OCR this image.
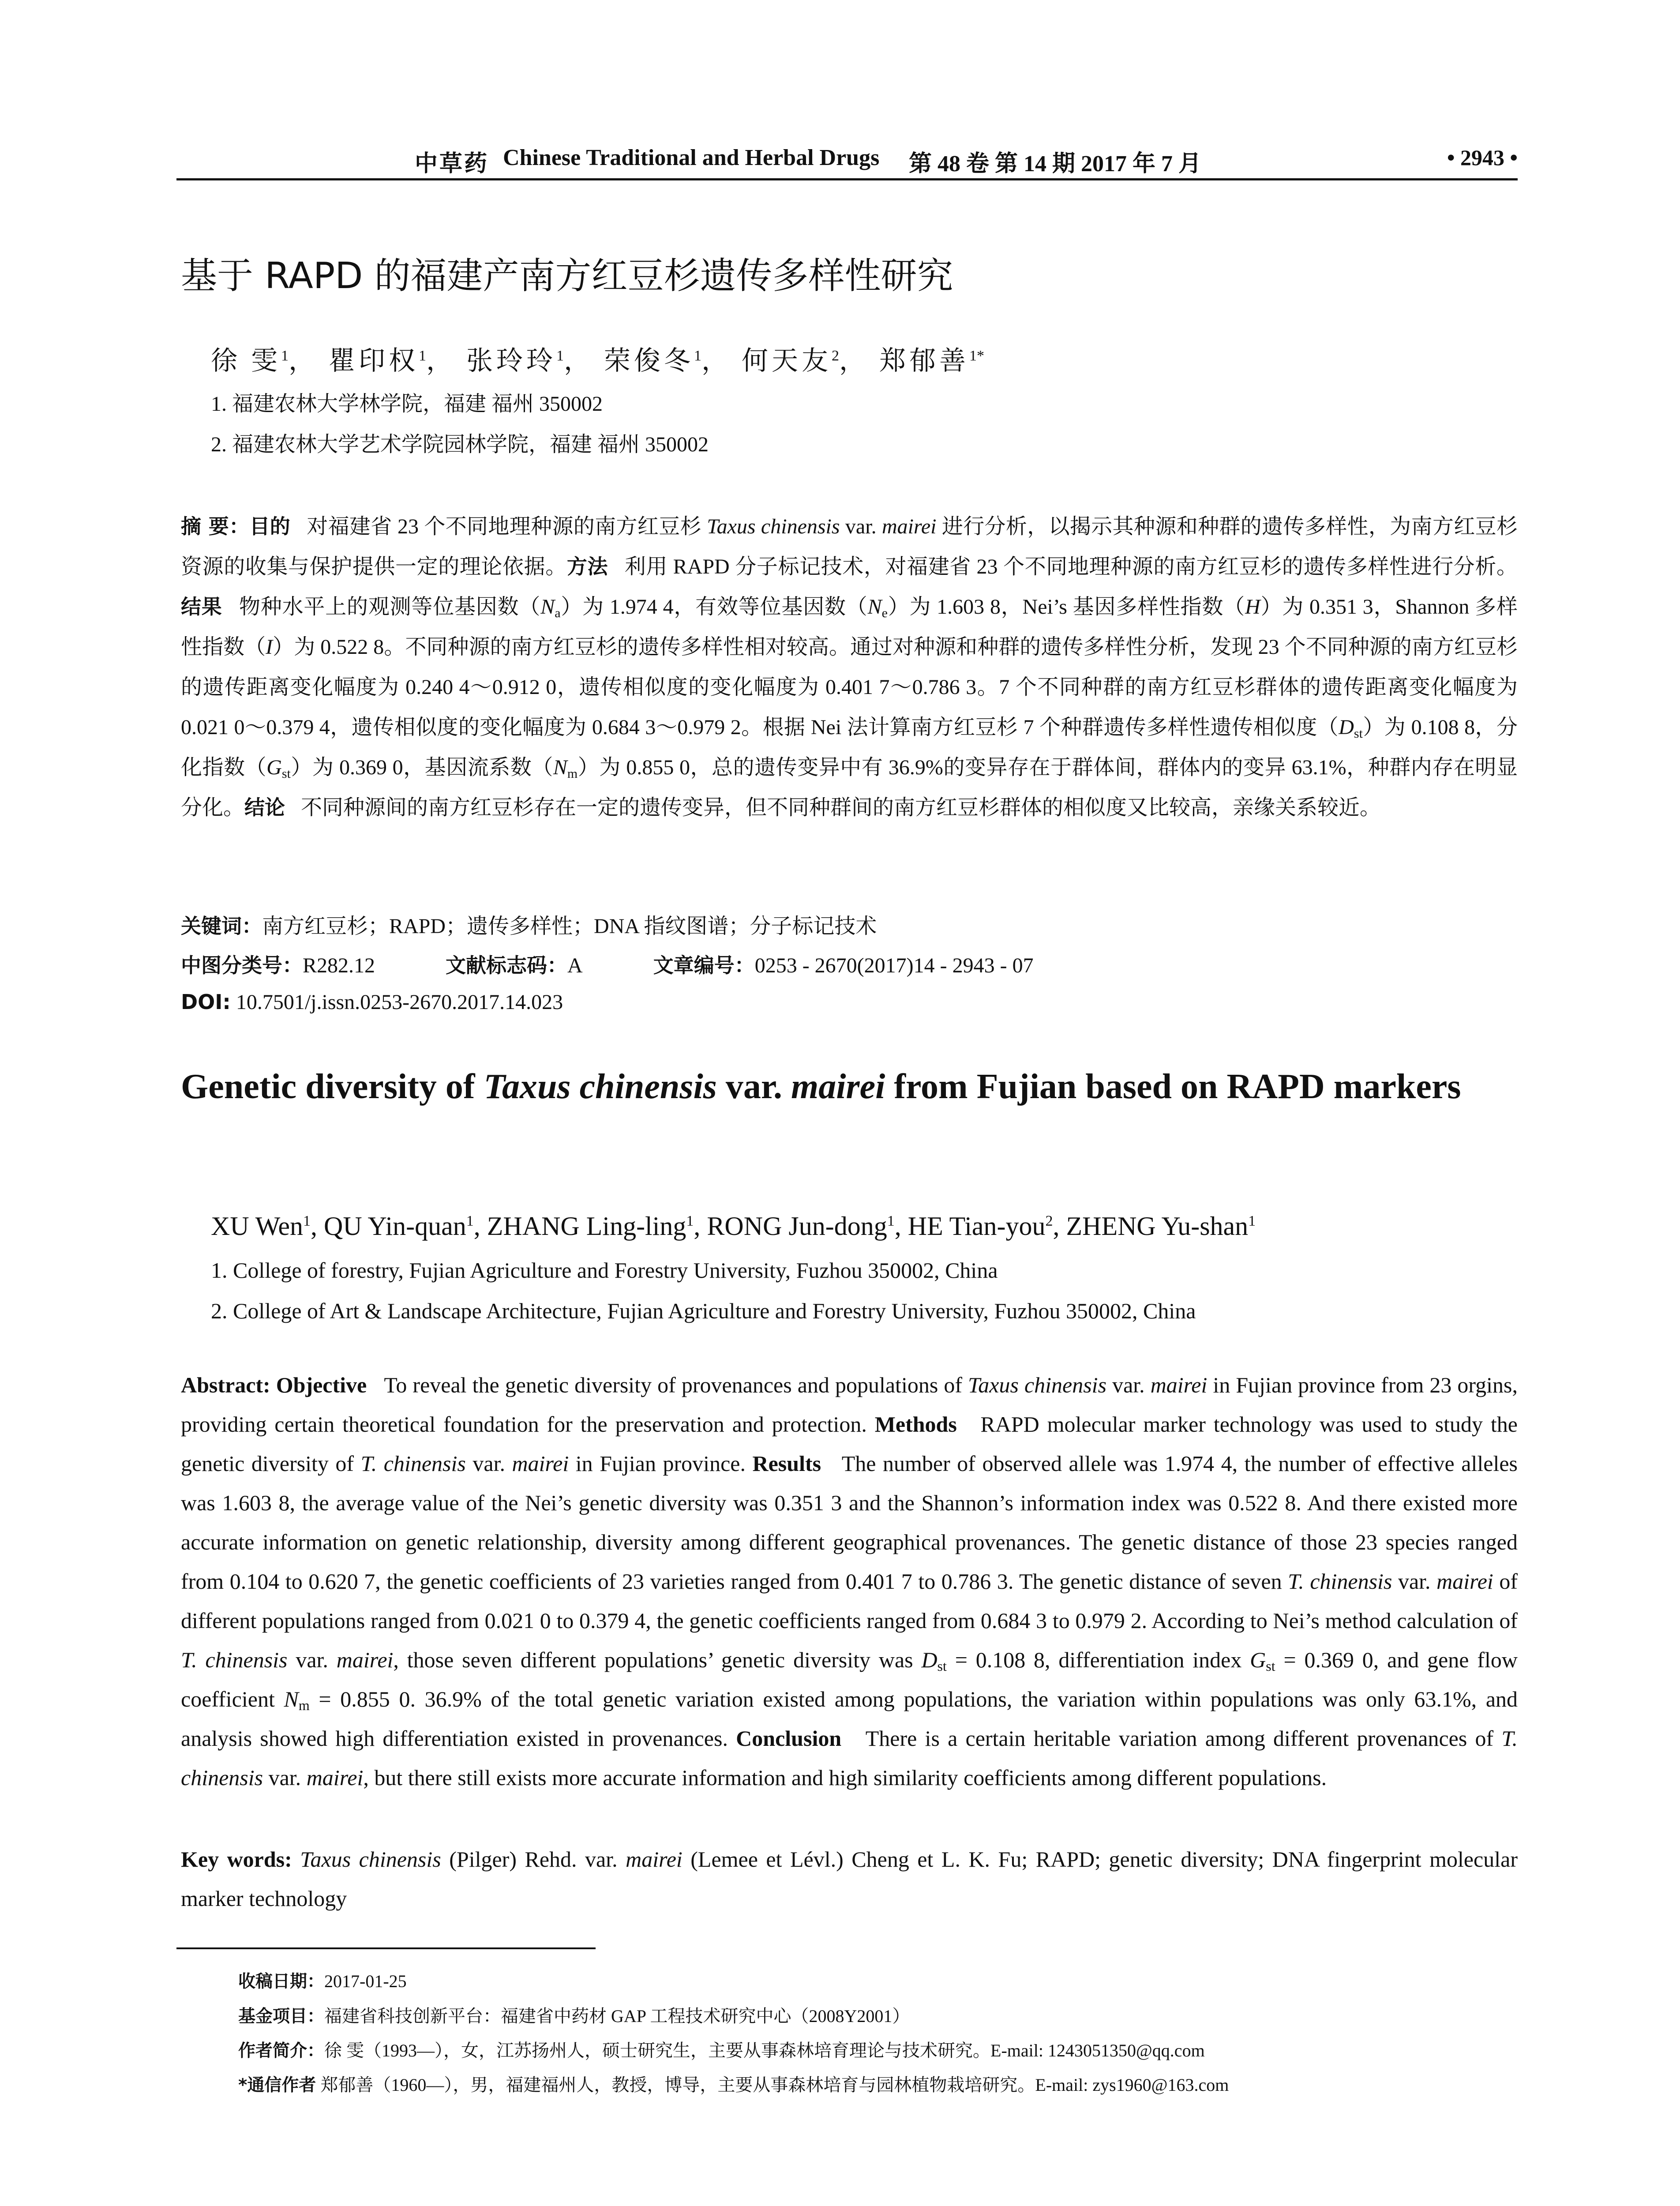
中草药 Chinese Traditional and Herbal Drugs 第 48 卷 第 14 期 2017 年 7 月	• 2943 •
基于 RAPD 的福建产南方红豆杉遗传多样性研究
徐 雯$^1$， 瞿印权$^1$， 张玲玲$^1$， 荣俊冬$^1$， 何天友$^2$， 郑郁善$^{1*}$
1. 福建农林大学林学院，福建 福州 350002
2. 福建农林大学艺术学院园林学院，福建 福州 350002
摘 要：目的 对福建省 23 个不同地理种源的南方红豆杉 Taxus chinensis var. mairei 进行分析，以揭示其种源和种群的遗传多样性，为南方红豆杉资源的收集与保护提供一定的理论依据。方法 利用 RAPD 分子标记技术，对福建省 23 个不同地理种源的南方红豆杉的遗传多样性进行分析。结果 物种水平上的观测等位基因数$(N_a)$为 1.974 4，有效等位基因数$(N_e)$为 1.603 8，Nei’s 基因多样性指数（H）为 0.351 3，Shannon 多样性指数（I）为 0.522 8。不同种源的南方红豆杉的遗传多样性相对较高。通过对种源和种群的遗传多样性分析，发现 23 个不同种源的南方红豆杉的遗传距离变化幅度为 0.240 4～0.912 0，遗传相似度的变化幅度为 0.401 7～0.786 3。7 个不同种群的南方红豆杉群体的遗传距离变化幅度为 0.021 0～0.379 4，遗传相似度的变化幅度为 0.684 3～0.979 2。根据 Nei 法计算南方红豆杉 7 个种群遗传多样性遗传相似度$(D_{st})$为 0.108 8，分化指数$(G_{st})$为 0.369 0，基因流系数$(N_m)$为 0.855 0，总的遗传变异中有 36.9%的变异存在于群体间，群体内的变异 63.1%，种群内存在明显分化。结论 不同种源间的南方红豆杉存在一定的遗传变异，但不同种群间的南方红豆杉群体的相似度又比较高，亲缘关系较近。
关键词：南方红豆杉；RAPD；遗传多样性；DNA 指纹图谱；分子标记技术
中图分类号：R282.12	文献标志码：A	文章编号：0253 - 2670(2017)14 - 2943 - 07
DOI: 10.7501/j.issn.0253-2670.2017.14.023
Genetic diversity of Taxus chinensis var. mairei from Fujian based on RAPD markers
XU Wen$^1$, QU Yin-quan$^1$, ZHANG Ling-ling$^1$, RONG Jun-dong$^1$, HE Tian-you$^2$, ZHENG Yu-shan$^1$
1. College of forestry, Fujian Agriculture and Forestry University, Fuzhou 350002, China
2. College of Art & Landscape Architecture, Fujian Agriculture and Forestry University, Fuzhou 350002, China
Abstract: Objective To reveal the genetic diversity of provenances and populations of Taxus chinensis var. mairei in Fujian province from 23 orgins, providing certain theoretical foundation for the preservation and protection. Methods RAPD molecular marker technology was used to study the genetic diversity of T. chinensis var. mairei in Fujian province. Results The number of observed allele was 1.974 4, the number of effective alleles was 1.603 8, the average value of the Nei’s genetic diversity was 0.351 3 and the Shannon’s information index was 0.522 8. And there existed more accurate information on genetic relationship, diversity among different geographical provenances. The genetic distance of those 23 species ranged from 0.104 to 0.620 7, the genetic coefficients of 23 varieties ranged from 0.401 7 to 0.786 3. The genetic distance of seven T. chinensis var. mairei of different populations ranged from 0.021 0 to 0.379 4, the genetic coefficients ranged from 0.684 3 to 0.979 2. According to Nei’s method calculation of T. chinensis var. mairei, those seven different populations’ genetic diversity was $D_{st} = 0.108$ 8, differentiation index $G_{st} = 0.369$ 0, and gene flow coefficient $N_m = 0.855$ 0. 36.9% of the total genetic variation existed among populations, the variation within populations was only 63.1%, and analysis showed high differentiation existed in provenances. Conclusion There is a certain heritable variation among different provenances of T. chinensis var. mairei, but there still exists more accurate information and high similarity coefficients among different populations.
Key words: Taxus chinensis (Pilger) Rehd. var. mairei (Lemee et Lévl.) Cheng et L. K. Fu; RAPD; genetic diversity; DNA fingerprint molecular marker technology
收稿日期：2017-01-25
基金项目：福建省科技创新平台：福建省中药材 GAP 工程技术研究中心（2008Y2001）
作者简介：徐 雯（1993—），女，江苏扬州人，硕士研究生，主要从事森林培育理论与技术研究。E-mail: 1243051350@qq.com
*通信作者 郑郁善（1960—），男，福建福州人，教授，博导，主要从事森林培育与园林植物栽培研究。E-mail: zys1960@163.com
